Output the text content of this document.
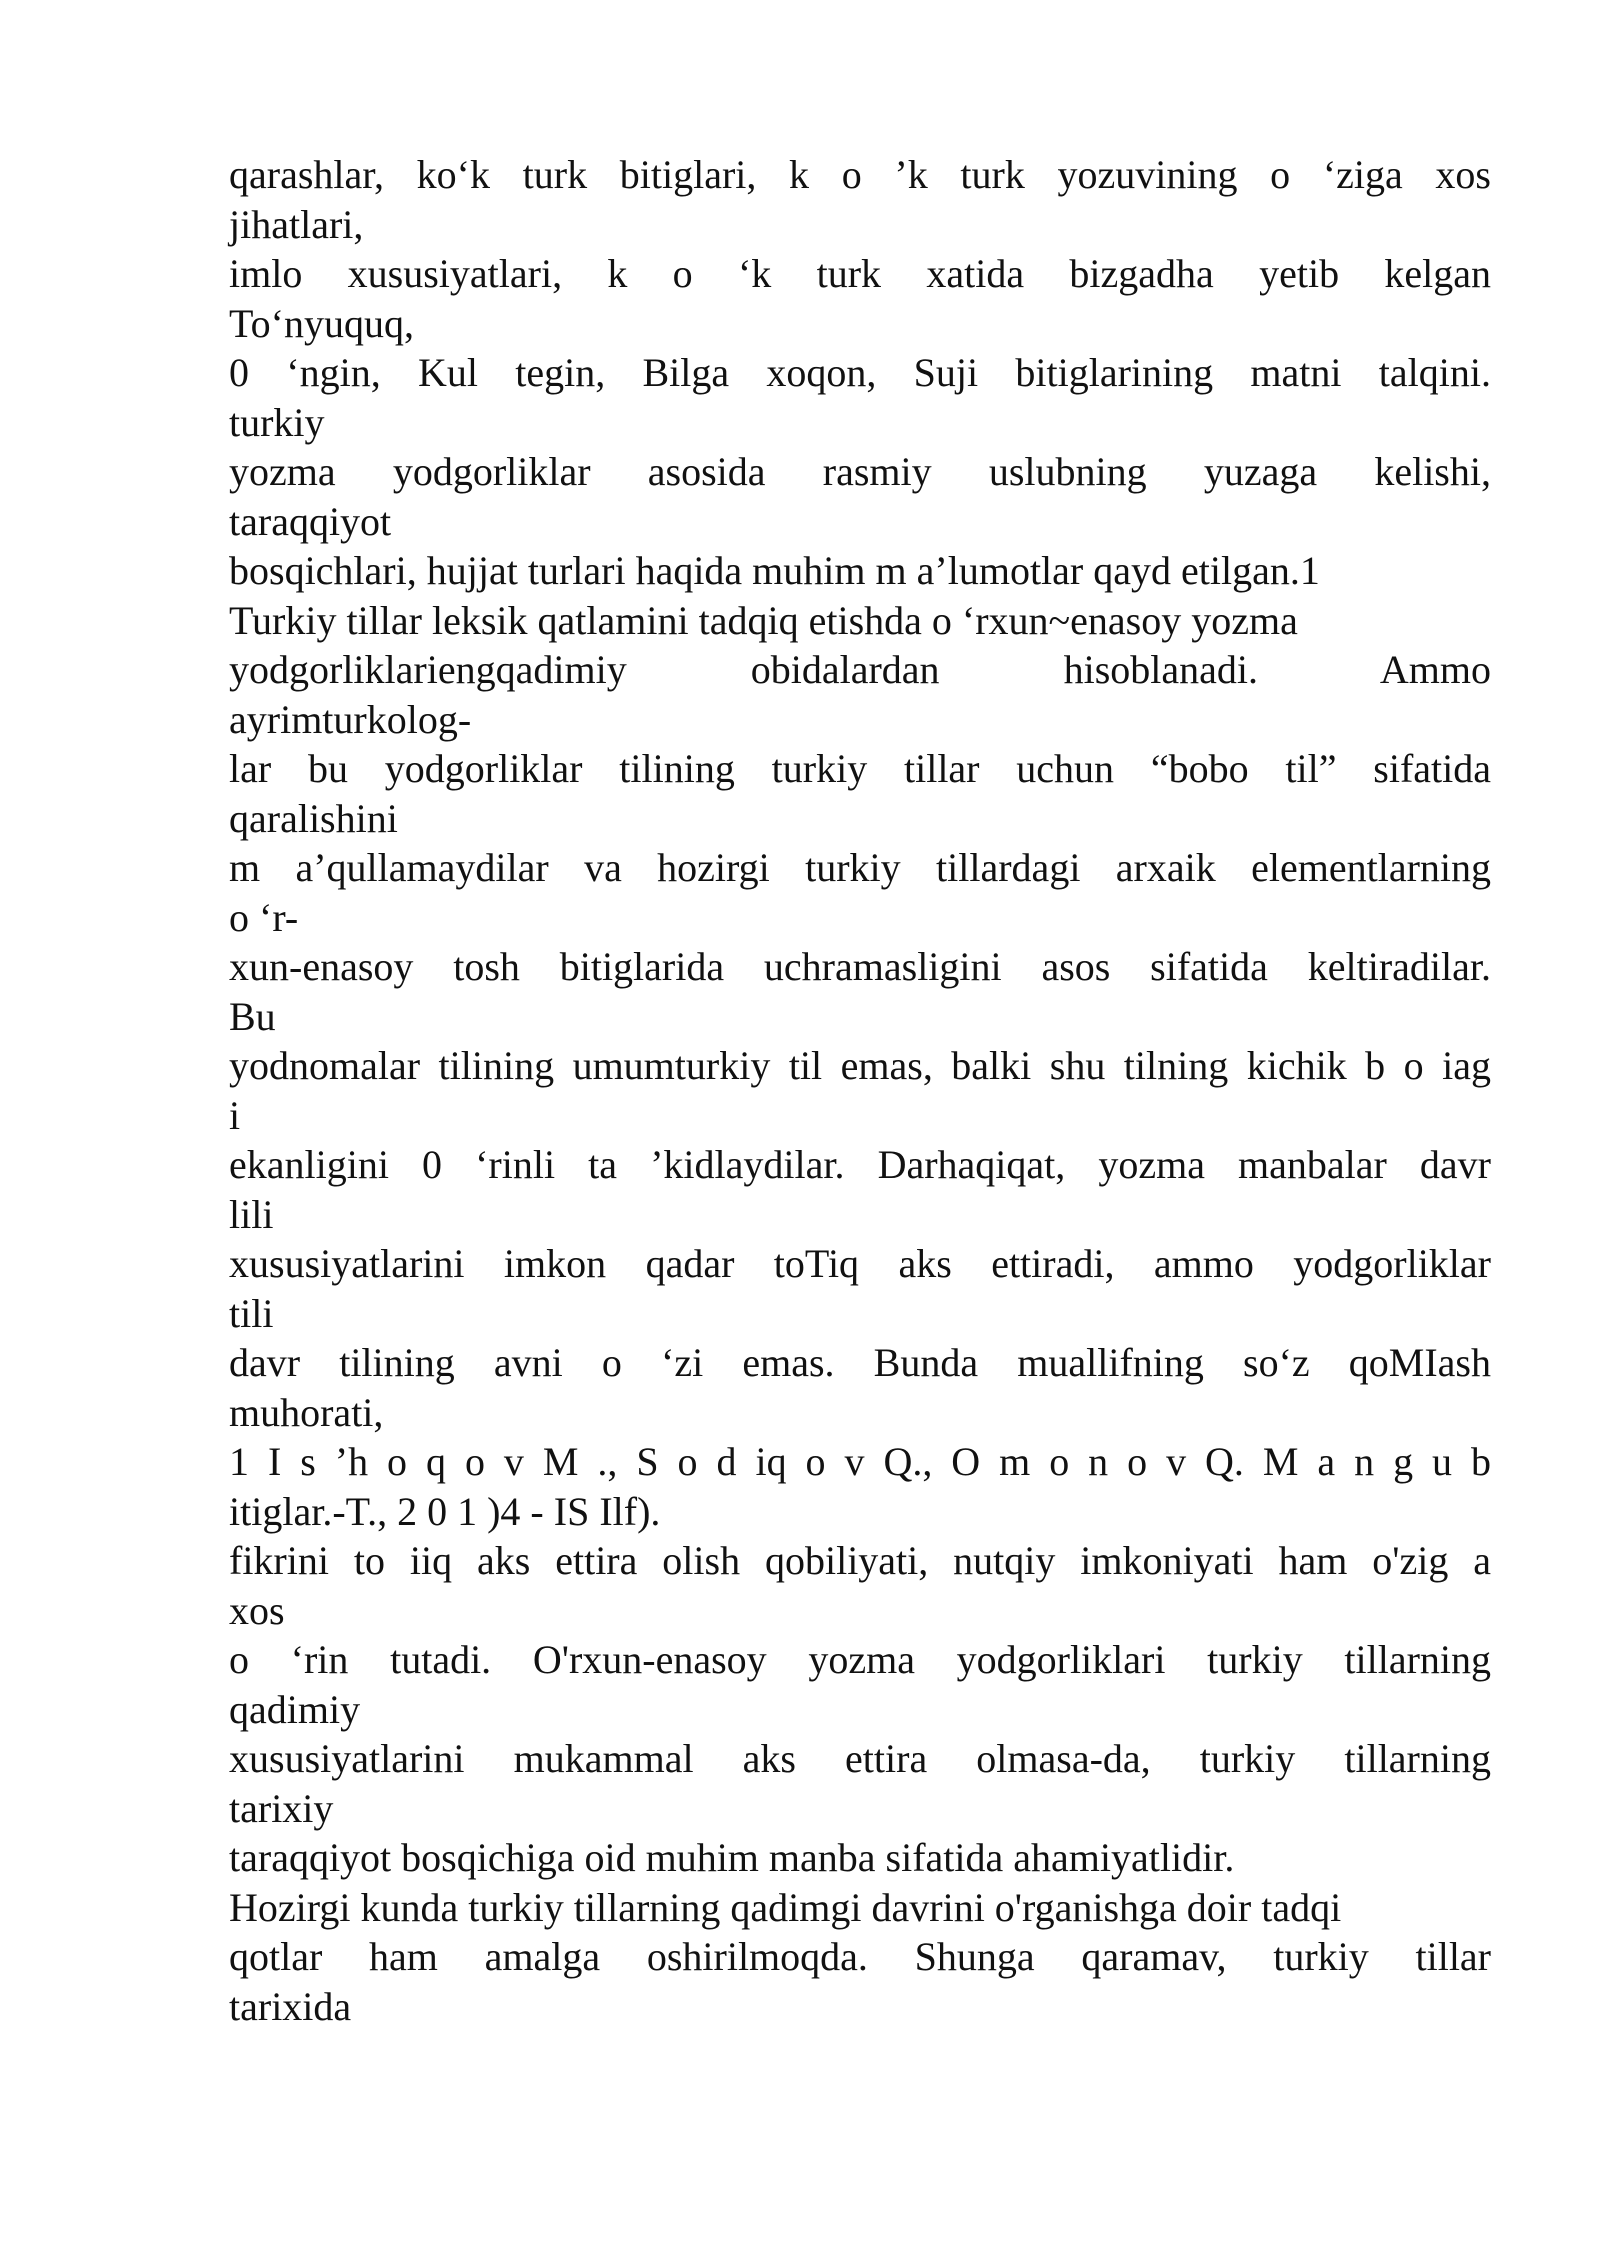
qarashlar, ko‘k turk bitiglari, k o ’k turk yozuvining o ‘ziga xos
jihatlari,
imlo xususiyatlari, k o ‘k turk xatida bizgadha yetib kelgan
To‘nyuquq,
0 ‘ngin, Kul tegin, Bilga xoqon, Suji bitiglarining matni talqini.
turkiy
yozma yodgorliklar asosida rasmiy uslubning yuzaga kelishi,
taraqqiyot
bosqichlari, hujjat turlari haqida muhim m a’lumotlar qayd etilgan.1
Turkiy tillar leksik qatlamini tadqiq etishda o ‘rxun~enasoy yozma
yodgorliklariengqadimiy obidalardan hisoblanadi. Ammo
ayrimturkolog-
lar bu yodgorliklar tilining turkiy tillar uchun “bobo til” sifatida
qaralishini
m a’qullamaydilar va hozirgi turkiy tillardagi arxaik elementlarning
o ‘r-
xun-enasoy tosh bitiglarida uchramasligini asos sifatida keltiradilar.
Bu
yodnomalar tilining umumturkiy til emas, balki shu tilning kichik b o iag
i
ekanligini 0 ‘rinli ta ’kidlaydilar. Darhaqiqat, yozma manbalar davr
lili
xususiyatlarini imkon qadar toTiq aks ettiradi, ammo yodgorliklar
tili
davr tilining avni o ‘zi emas. Bunda muallifning so‘z qoMIash
muhorati,
1 I s ’h o q o v M ., S o d iq o v Q., O m o n o v Q. M a n g u b
itiglar.-T., 2 0 1 )4 - IS Ilf).
fikrini to iiq aks ettira olish qobiliyati, nutqiy imkoniyati ham o'zig a
xos
o ‘rin tutadi. O'rxun-enasoy yozma yodgorliklari turkiy tillarning
qadimiy
xususiyatlarini mukammal aks ettira olmasa-da, turkiy tillarning
tarixiy
taraqqiyot bosqichiga oid muhim manba sifatida ahamiyatlidir.
Hozirgi kunda turkiy tillarning qadimgi davrini o'rganishga doir tadqi
qotlar ham amalga oshirilmoqda. Shunga qaramav, turkiy tillar
tarixida
